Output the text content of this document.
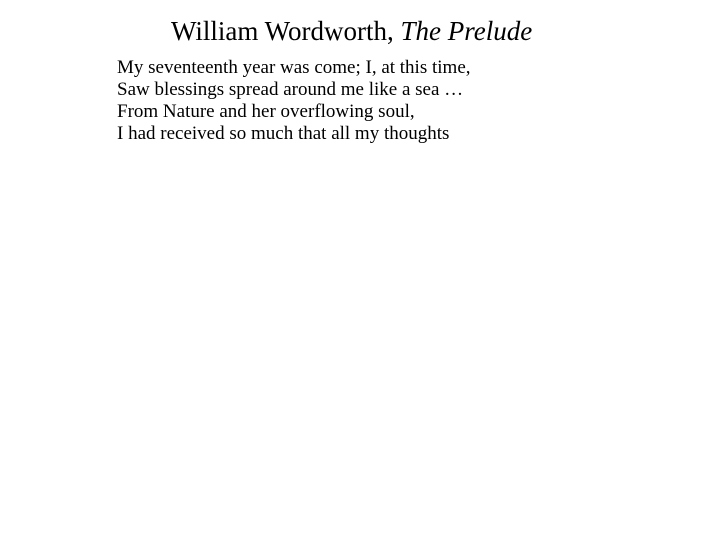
William Wordworth, The Prelude
My seventeenth year was come; I, at this time,
Saw blessings spread around me like a sea …
From Nature and her overflowing soul,
I had received so much that all my thoughts
